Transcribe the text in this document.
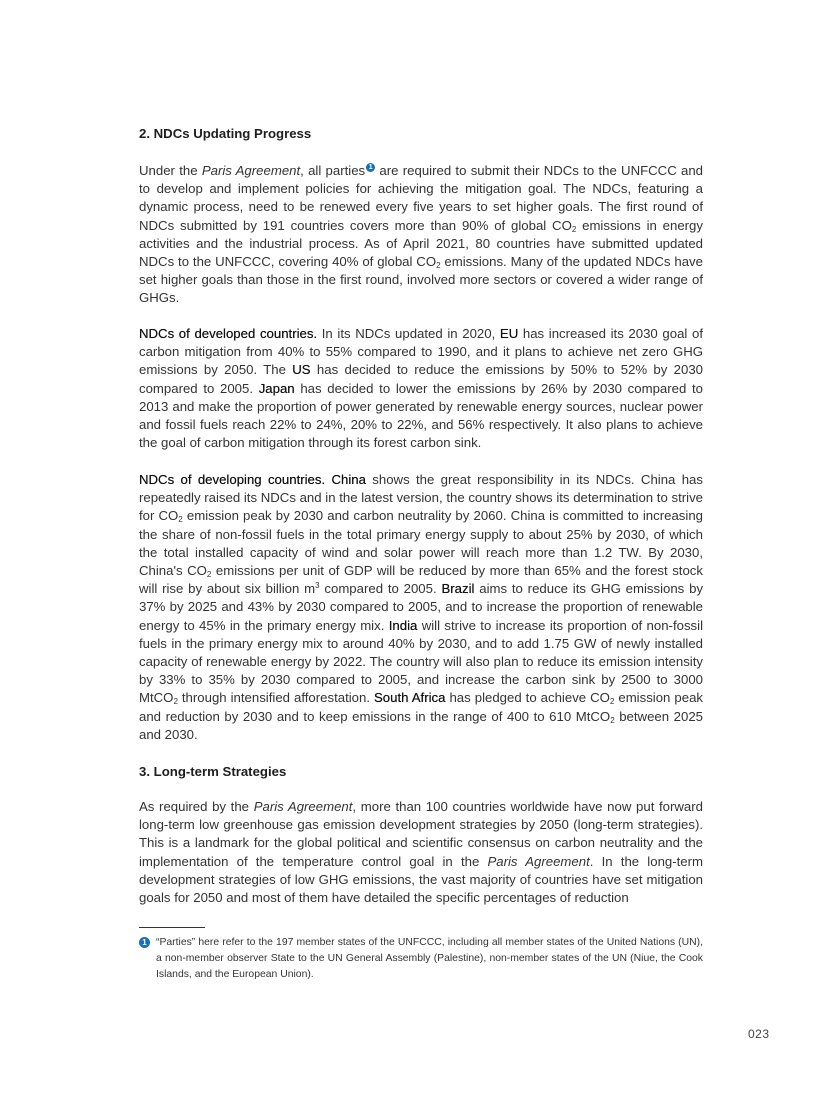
2. NDCs Updating Progress
Under the Paris Agreement, all parties 1 are required to submit their NDCs to the UNFCCC and to develop and implement policies for achieving the mitigation goal. The NDCs, featuring a dynamic process, need to be renewed every five years to set higher goals. The first round of NDCs submitted by 191 countries covers more than 90% of global $CO_2$ emissions in energy activities and the industrial process. As of April 2021, 80 countries have submitted updated NDCs to the UNFCCC, covering 40% of global $CO_2$ emissions. Many of the updated NDCs have set higher goals than those in the first round, involved more sectors or covered a wider range of GHGs.
NDCs of developed countries. In its NDCs updated in 2020, EU has increased its 2030 goal of carbon mitigation from 40% to 55% compared to 1990, and it plans to achieve net zero GHG emissions by 2050. The US has decided to reduce the emissions by 50% to 52% by 2030 compared to 2005. Japan has decided to lower the emissions by 26% by 2030 compared to 2013 and make the proportion of power generated by renewable energy sources, nuclear power and fossil fuels reach 22% to 24%, 20% to 22%, and 56% respectively. It also plans to achieve the goal of carbon mitigation through its forest carbon sink.
NDCs of developing countries. China shows the great responsibility in its NDCs. China has repeatedly raised its NDCs and in the latest version, the country shows its determination to strive for $CO_2$ emission peak by 2030 and carbon neutrality by 2060. China is committed to increasing the share of non-fossil fuels in the total primary energy supply to about 25% by 2030, of which the total installed capacity of wind and solar power will reach more than 1.2 TW. By 2030, China's $CO_2$ emissions per unit of GDP will be reduced by more than 65% and the forest stock will rise by about six billion $m^3$ compared to 2005. Brazil aims to reduce its GHG emissions by 37% by 2025 and 43% by 2030 compared to 2005, and to increase the proportion of renewable energy to 45% in the primary energy mix. India will strive to increase its proportion of non-fossil fuels in the primary energy mix to around 40% by 2030, and to add 1.75 GW of newly installed capacity of renewable energy by 2022. The country will also plan to reduce its emission intensity by 33% to 35% by 2030 compared to 2005, and increase the carbon sink by 2500 to 3000 MtCO$_2$ through intensified afforestation. South Africa has pledged to achieve $CO_2$ emission peak and reduction by 2030 and to keep emissions in the range of 400 to 610 MtCO$_2$ between 2025 and 2030.
3. Long-term Strategies
As required by the Paris Agreement, more than 100 countries worldwide have now put forward long-term low greenhouse gas emission development strategies by 2050 (long-term strategies). This is a landmark for the global political and scientific consensus on carbon neutrality and the implementation of the temperature control goal in the Paris Agreement. In the long-term development strategies of low GHG emissions, the vast majority of countries have set mitigation goals for 2050 and most of them have detailed the specific percentages of reduction
1 “Parties” here refer to the 197 member states of the UNFCCC, including all member states of the United Nations (UN), a non-member observer State to the UN General Assembly (Palestine), non-member states of the UN (Niue, the Cook Islands, and the European Union).
023
